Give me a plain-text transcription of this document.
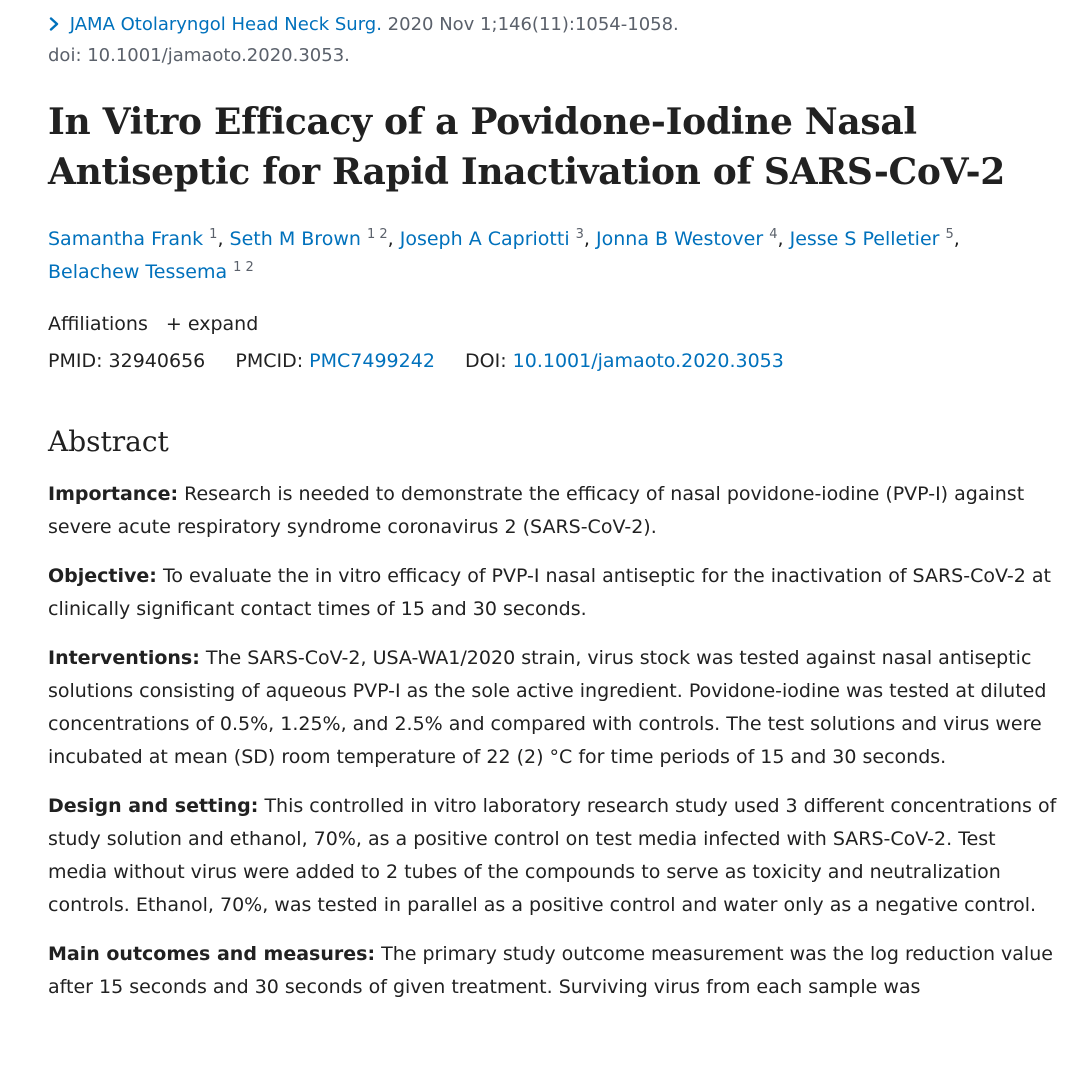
JAMA Otolaryngol Head Neck Surg. 2020 Nov 1;146(11):1054-1058.
doi: 10.1001/jamaoto.2020.3053.
In Vitro Efficacy of a Povidone-Iodine Nasal Antiseptic for Rapid Inactivation of SARS-CoV-2
Samantha Frank $^1$, Seth M Brown $^{1 2}$, Joseph A Capriotti $^3$, Jonna B Westover $^4$, Jesse S Pelletier $^5$, Belachew Tessema $^{1 2}$
Affiliations + expand
PMID: 32940656 PMCID: PMC7499242 DOI: 10.1001/jamaoto.2020.3053
Abstract

Importance: Research is needed to demonstrate the efficacy of nasal povidone-iodine (PVP-I) against severe acute respiratory syndrome coronavirus 2 (SARS-CoV-2).

Objective: To evaluate the in vitro efficacy of PVP-I nasal antiseptic for the inactivation of SARS-CoV-2 at clinically significant contact times of 15 and 30 seconds.

Interventions: The SARS-CoV-2, USA-WA1/2020 strain, virus stock was tested against nasal antiseptic solutions consisting of aqueous PVP-I as the sole active ingredient. Povidone-iodine was tested at diluted concentrations of 0.5%, 1.25%, and 2.5% and compared with controls. The test solutions and virus were incubated at mean (SD) room temperature of 22 (2) °C for time periods of 15 and 30 seconds.

Design and setting: This controlled in vitro laboratory research study used 3 different concentrations of study solution and ethanol, 70%, as a positive control on test media infected with SARS-CoV-2. Test media without virus were added to 2 tubes of the compounds to serve as toxicity and neutralization controls. Ethanol, 70%, was tested in parallel as a positive control and water only as a negative control.

Main outcomes and measures: The primary study outcome measurement was the log reduction value after 15 seconds and 30 seconds of given treatment. Surviving virus from each sample was
